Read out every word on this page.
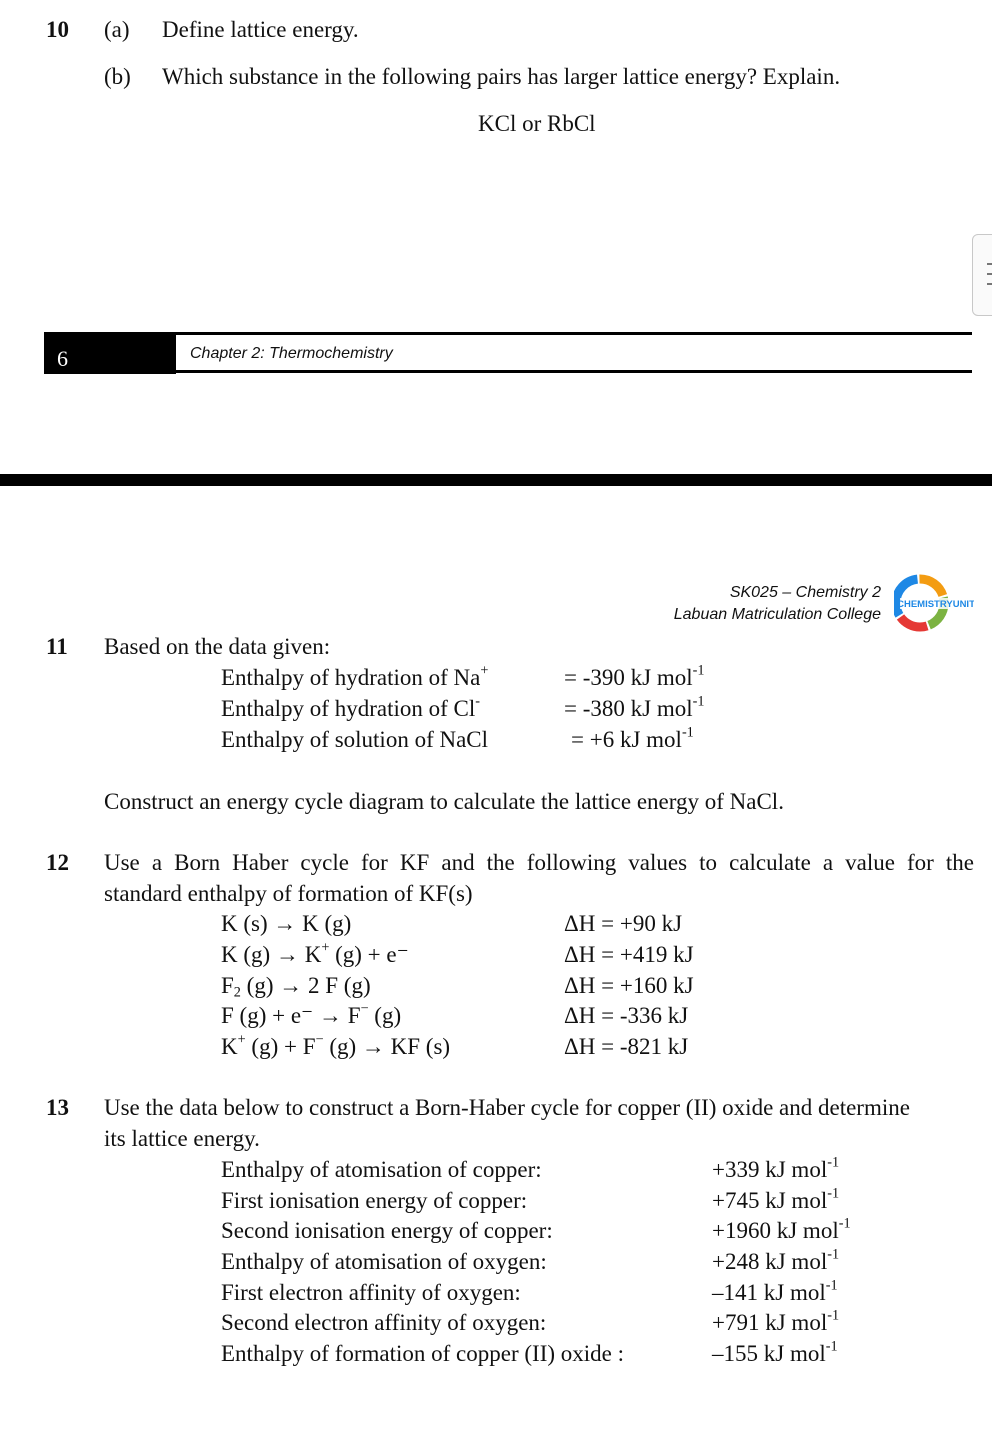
10 (a) Define lattice energy.
(b) Which substance in the following pairs has larger lattice energy? Explain.
KCl or RbCl
6	Chapter 2: Thermochemistry
SK025 – Chemistry 2
Labuan Matriculation College
CHEMISTRYUNIT
11 Based on the data given:
Enthalpy of hydration of Na+	= -390 kJ mol$^{-1}$
Enthalpy of hydration of Cl-	= -380 kJ mol$^{-1}$
Enthalpy of solution of NaCl	= +6 kJ mol$^{-1}$
Construct an energy cycle diagram to calculate the lattice energy of NaCl.
12 Use a Born Haber cycle for KF and the following values to calculate a value for the
standard enthalpy of formation of KF(s)
K (s) → K (g)	ΔH = +90 kJ
K (g) → K+ (g) + e⁻	ΔH = +419 kJ
$F_2$ (g) → 2 F (g)	ΔH = +160 kJ
F (g) + e⁻ → F− (g)	ΔH = -336 kJ
K+ (g) + F− (g) → KF (s)	ΔH = -821 kJ
13 Use the data below to construct a Born-Haber cycle for copper (II) oxide and determine
its lattice energy.
Enthalpy of atomisation of copper:	+339 kJ mol$^{-1}$
First ionisation energy of copper:	+745 kJ mol$^{-1}$
Second ionisation energy of copper:	+1960 kJ mol$^{-1}$
Enthalpy of atomisation of oxygen:	+248 kJ mol$^{-1}$
First electron affinity of oxygen:	–141 kJ mol$^{-1}$
Second electron affinity of oxygen:	+791 kJ mol$^{-1}$
Enthalpy of formation of copper (II) oxide :	–155 kJ mol$^{-1}$
